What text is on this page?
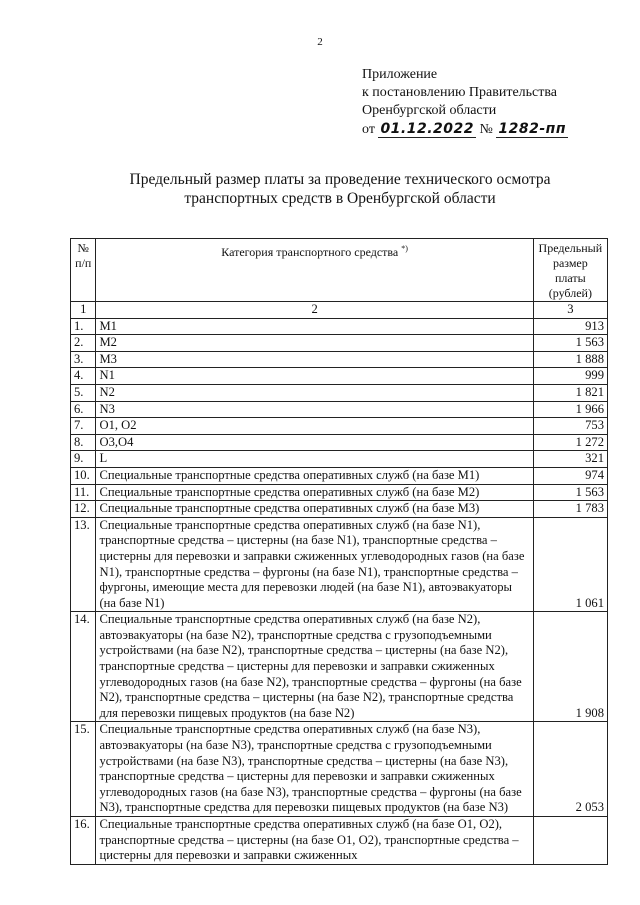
2
Приложение
к постановлению Правительства
Оренбургской области
от 01.12.2022 № 1282-пп
Предельный размер платы за проведение технического осмотра
транспортных средств в Оренбургской области
№ п/п	Категория транспортного средства *)	Предельный размер платы (рублей)
1	2	3
1.	M1	913
2.	M2	1 563
3.	M3	1 888
4.	N1	999
5.	N2	1 821
6.	N3	1 966
7.	O1, O2	753
8.	O3,O4	1 272
9.	L	321
10.	Специальные транспортные средства оперативных служб (на базе M1)	974
11.	Специальные транспортные средства оперативных служб (на базе M2)	1 563
12.	Специальные транспортные средства оперативных служб (на базе M3)	1 783
13.	Специальные транспортные средства оперативных служб (на базе N1), транспортные средства – цистерны (на базе N1), транспортные средства – цистерны для перевозки и заправки сжиженных углеводородных газов (на базе N1), транспортные средства – фургоны (на базе N1), транспортные средства – фургоны, имеющие места для перевозки людей (на базе N1), автоэвакуаторы (на базе N1)	1 061
14.	Специальные транспортные средства оперативных служб (на базе N2), автоэвакуаторы (на базе N2), транспортные средства с грузоподъемными устройствами (на базе N2), транспортные средства – цистерны (на базе N2), транспортные средства – цистерны для перевозки и заправки сжиженных углеводородных газов (на базе N2), транспортные средства – фургоны (на базе N2), транспортные средства – цистерны (на базе N2), транспортные средства для перевозки пищевых продуктов (на базе N2)	1 908
15.	Специальные транспортные средства оперативных служб (на базе N3), автоэвакуаторы (на базе N3), транспортные средства с грузоподъемными устройствами (на базе N3), транспортные средства – цистерны (на базе N3), транспортные средства – цистерны для перевозки и заправки сжиженных углеводородных газов (на базе N3), транспортные средства – фургоны (на базе N3), транспортные средства для перевозки пищевых продуктов (на базе N3)	2 053
16.	Специальные транспортные средства оперативных служб (на базе O1, O2), транспортные средства – цистерны (на базе O1, O2), транспортные средства – цистерны для перевозки и заправки сжиженных	
